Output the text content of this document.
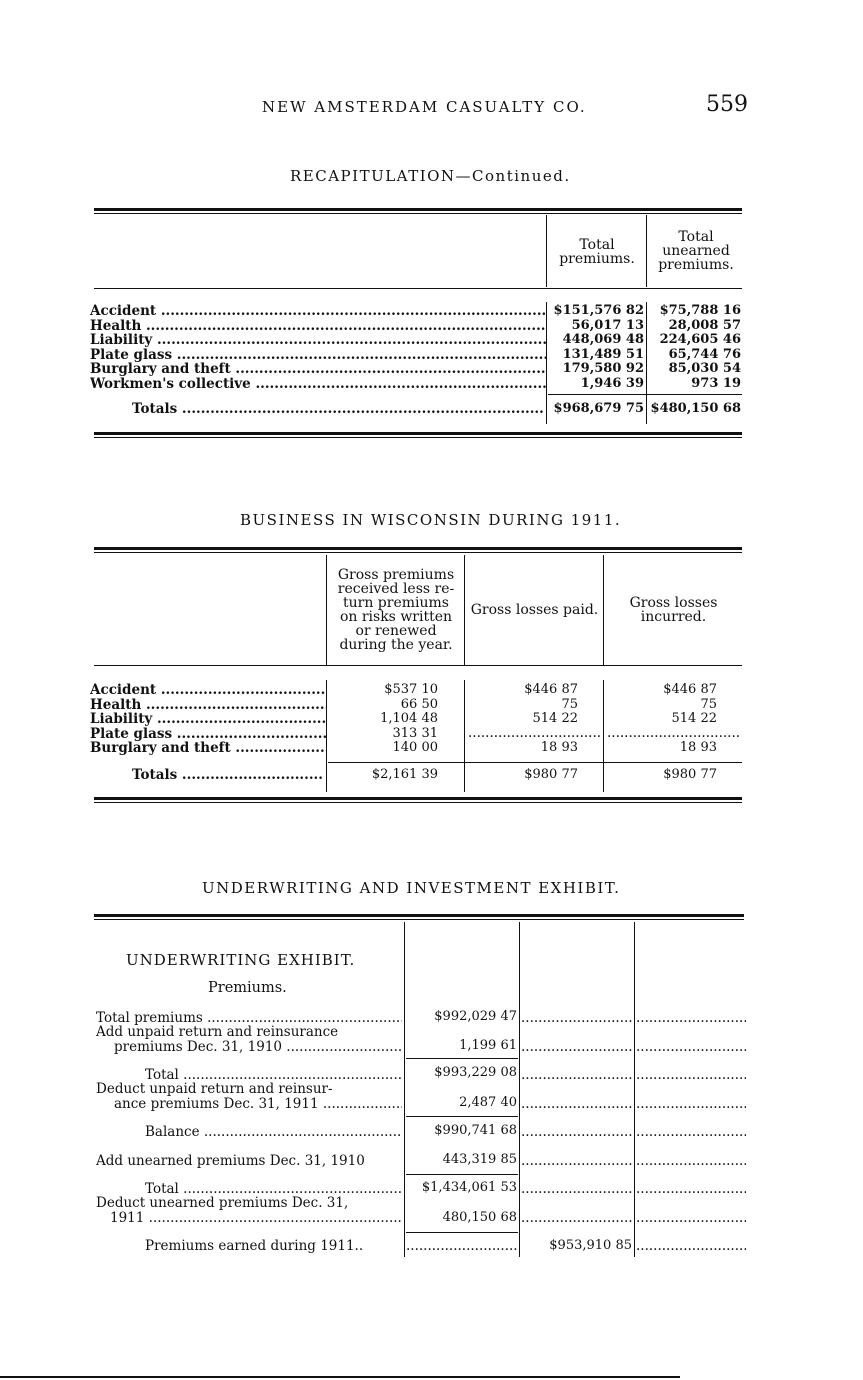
NEW AMSTERDAM CASUALTY CO.	559
RECAPITULATION—Continued.
Total
premiums.
Total
unearned
premiums.
Accident .....
Health .....
Liability .....
Plate glass .....
Burglary and theft .....
Workmen's collective .....
$151,576 82
56,017 13
448,069 48
131,489 51
179,580 92
1,946 39
$75,788 16
28,008 57
224,605 46
65,744 76
85,030 54
973 19
Totals .....	$968,679 75 $480,150 68
BUSINESS IN WISCONSIN DURING 1911.
Gross premiums
received less re-
turn premiums
on risks written
or renewed
during the year.
Gross losses paid.	Gross losses
incurred.
Accident .....
Health .....
Liability .....
Plate glass .....
Burglary and theft .....
$537 10
66 50
1,104 48
313 31
140 00
$446 87
75
514 22

18 93
.....
$446 87
75
514 22

18 93
.....
Totals .....	$2,161 39	$980 77	$980 77
UNDERWRITING AND INVESTMENT EXHIBIT.
UNDERWRITING EXHIBIT.
Premiums.
Total premiums .....	$992,029 47
.....
.....
Add unpaid return and reinsurance
premiums Dec. 31, 1910 .....	1,199 61
.....
.....
Total .....	$993,229 08
.....
.....
Deduct unpaid return and reinsur-
ance premiums Dec. 31, 1911 .....	2,487 40
.....
.....
Balance .....	$990,741 68
.....
.....
Add unearned premiums Dec. 31, 1910	443,319 85
.....
.....
Total .....	$1,434,061 53
.....
.....
Deduct unearned premiums Dec. 31,
1911 .....	480,150 68
.....
.....
Premiums earned during 1911..
.....	$953,910 85
.....
